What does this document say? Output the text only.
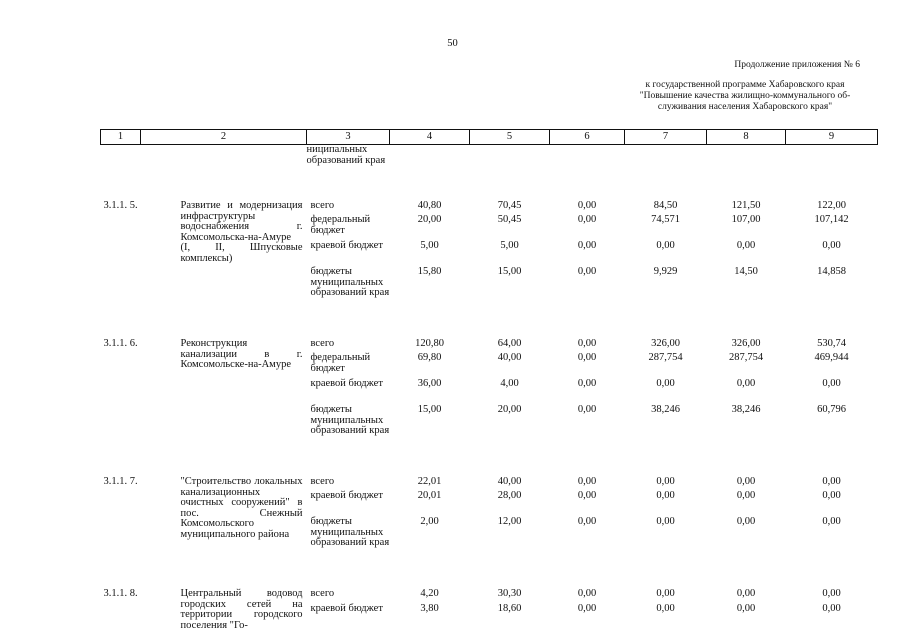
50
Продолжение приложения № 6
к государственной программе Хабаровского края
"Повышение качества жилищно-коммунального об-
служивания населения Хабаровского края"
1	2	3	4	5	6	7	8	9
		ниципальных образований края						

3.1.1. 5.	Развитие и модернизация инфраструктуры водоснабжения г. Комсомольска-на-Амуре (I, II, Шпусковые комплексы)	всего	40,80	70,45	0,00	84,50	121,50	122,00
		федеральный бюджет	20,00	50,45	0,00	74,571	107,00	107,142
		краевой бюджет	5,00	5,00	0,00	0,00	0,00	0,00
		бюджеты муниципальных образований края	15,80	15,00	0,00	9,929	14,50	14,858

3.1.1. 6.	Реконструкция канализации в г. Комсомольске-на-Амуре	всего	120,80	64,00	0,00	326,00	326,00	530,74
		федеральный бюджет	69,80	40,00	0,00	287,754	287,754	469,944
		краевой бюджет	36,00	4,00	0,00	0,00	0,00	0,00
		бюджеты муниципальных образований края	15,00	20,00	0,00	38,246	38,246	60,796

3.1.1. 7.	"Строительство локальных канализационных очистных сооружений" в пос. Снежный Комсомольского муниципального района	всего	22,01	40,00	0,00	0,00	0,00	0,00
		краевой бюджет	20,01	28,00	0,00	0,00	0,00	0,00
		бюджеты муниципальных образований края	2,00	12,00	0,00	0,00	0,00	0,00

3.1.1. 8.	Центральный водовод городских сетей на территории городского поселения "Го-	всего	4,20	30,30	0,00	0,00	0,00	0,00
		краевой бюджет	3,80	18,60	0,00	0,00	0,00	0,00
